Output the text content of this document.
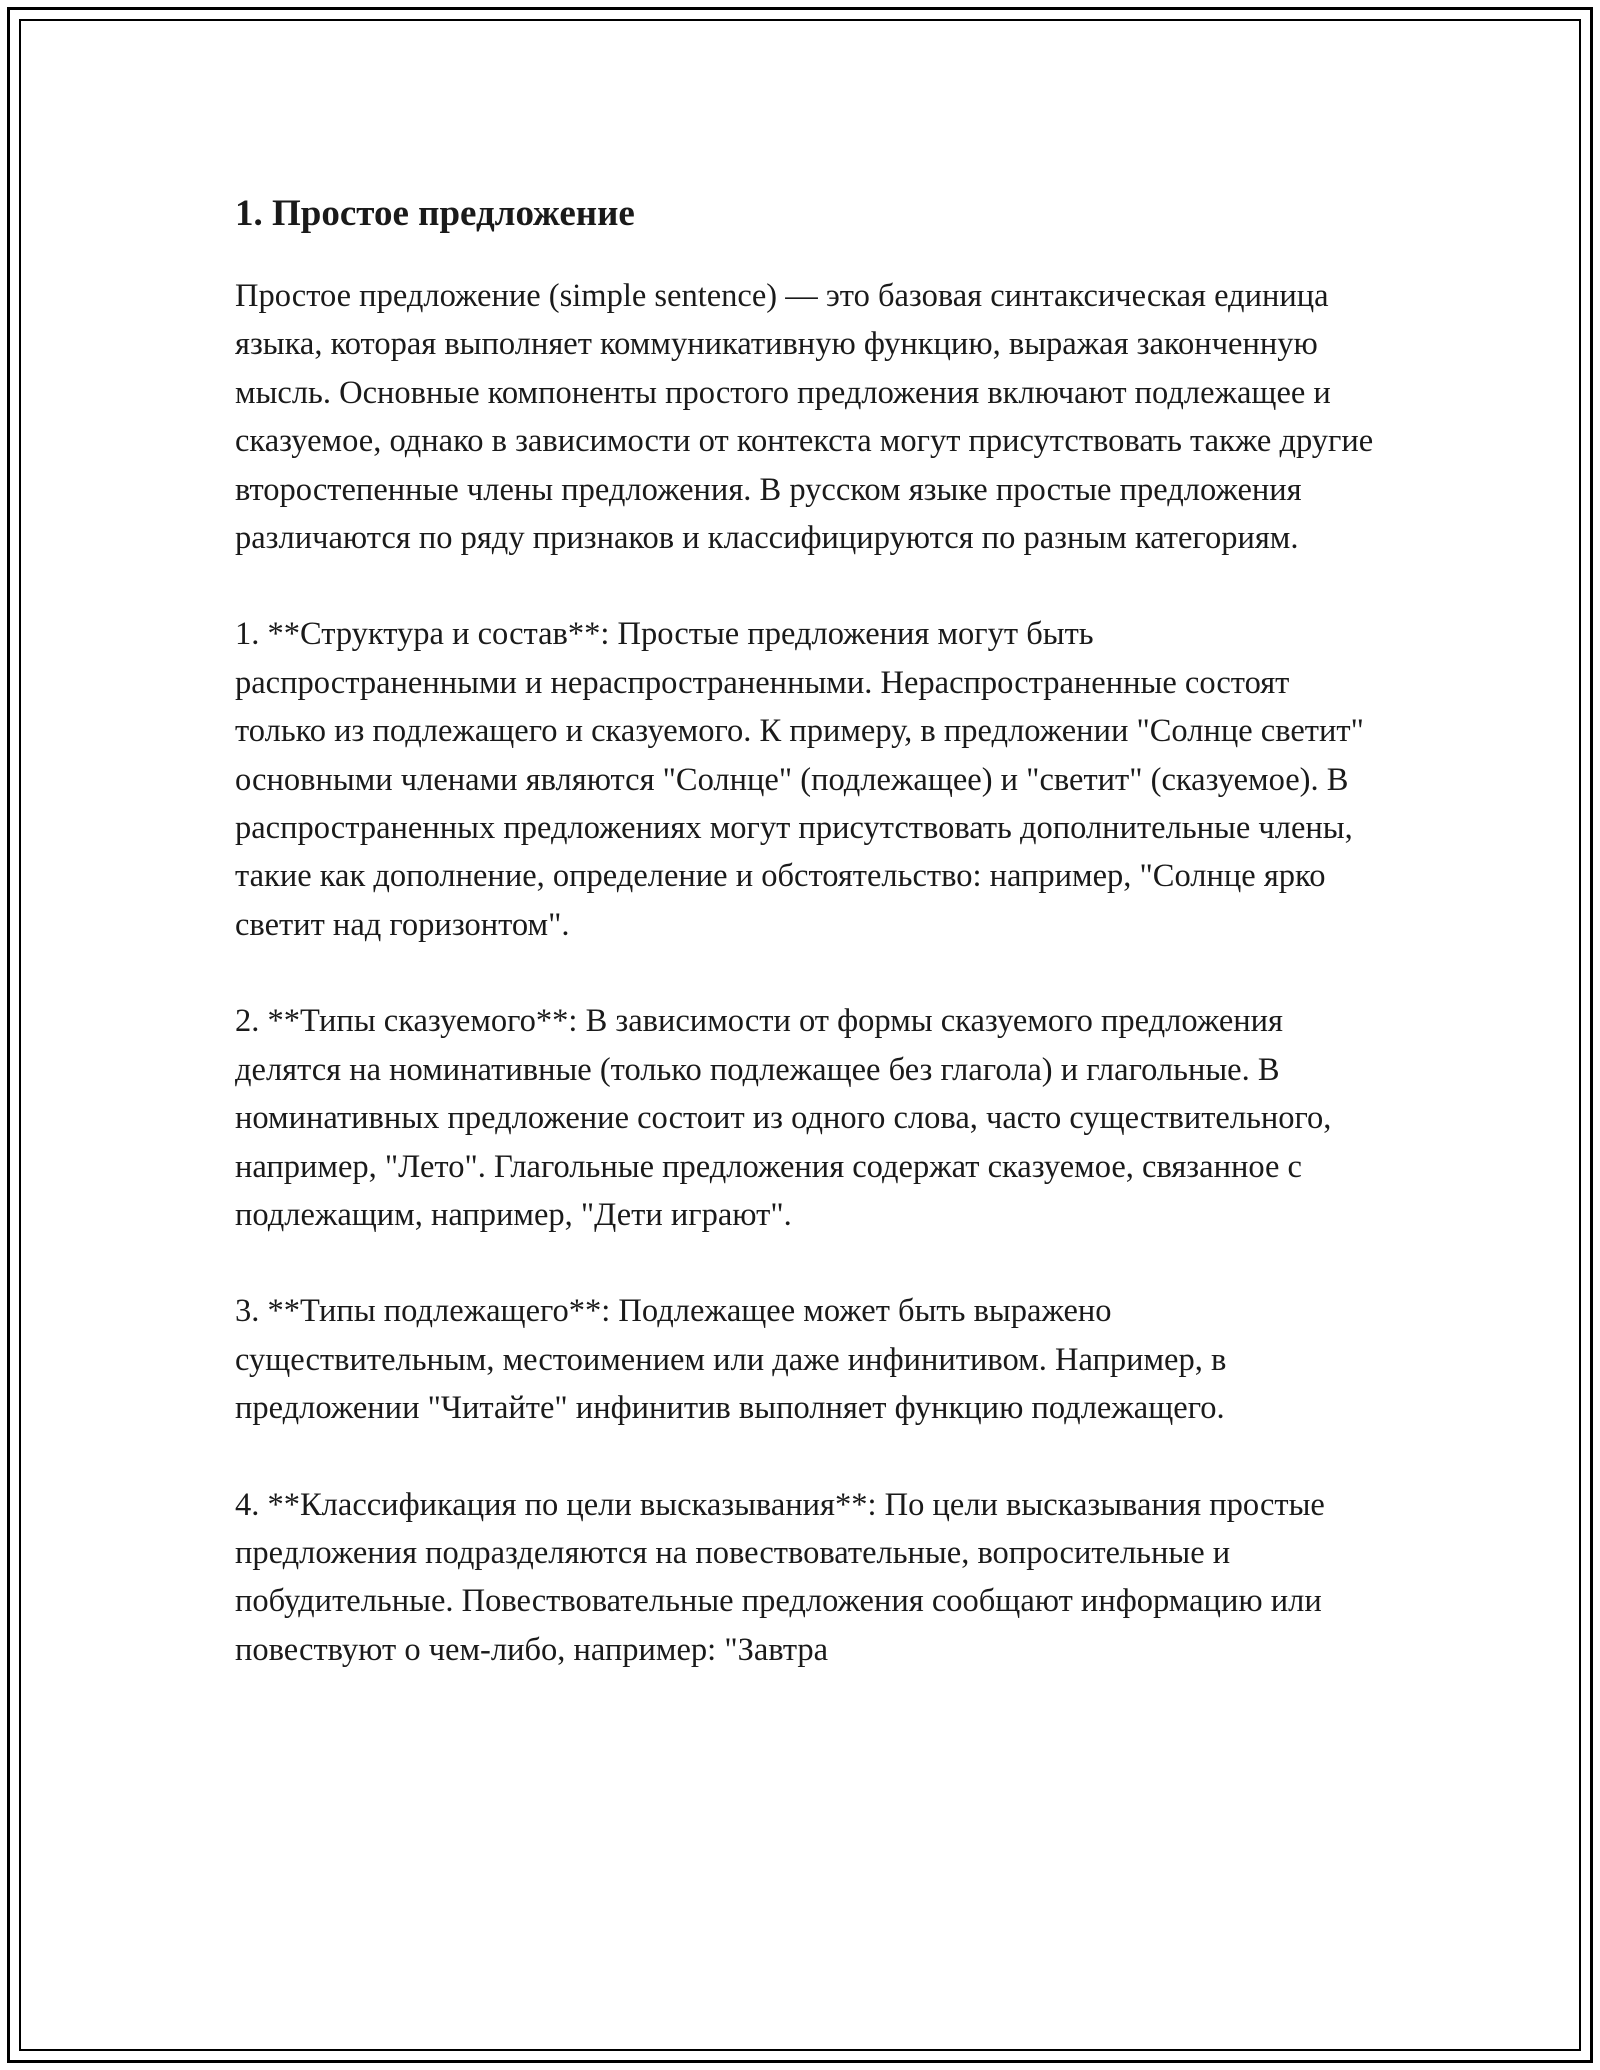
1. Простое предложение

Простое предложение (simple sentence) — это базовая синтаксическая единица языка, которая выполняет коммуникативную функцию, выражая законченную мысль. Основные компоненты простого предложения включают подлежащее и сказуемое, однако в зависимости от контекста могут присутствовать также другие второстепенные члены предложения. В русском языке простые предложения различаются по ряду признаков и классифицируются по разным категориям.

1. **Структура и состав**: Простые предложения могут быть распространенными и нераспространенными. Нераспространенные состоят только из подлежащего и сказуемого. К примеру, в предложении "Солнце светит" основными членами являются "Солнце" (подлежащее) и "светит" (сказуемое). В распространенных предложениях могут присутствовать дополнительные члены, такие как дополнение, определение и обстоятельство: например, "Солнце ярко светит над горизонтом".

2. **Типы сказуемого**: В зависимости от формы сказуемого предложения делятся на номинативные (только подлежащее без глагола) и глагольные. В номинативных предложение состоит из одного слова, часто существительного, например, "Лето". Глагольные предложения содержат сказуемое, связанное с подлежащим, например, "Дети играют".

3. **Типы подлежащего**: Подлежащее может быть выражено существительным, местоимением или даже инфинитивом. Например, в предложении "Читайте" инфинитив выполняет функцию подлежащего.

4. **Классификация по цели высказывания**: По цели высказывания простые предложения подразделяются на повествовательные, вопросительные и побудительные. Повествовательные предложения сообщают информацию или повествуют о чем-либо, например: "Завтра
